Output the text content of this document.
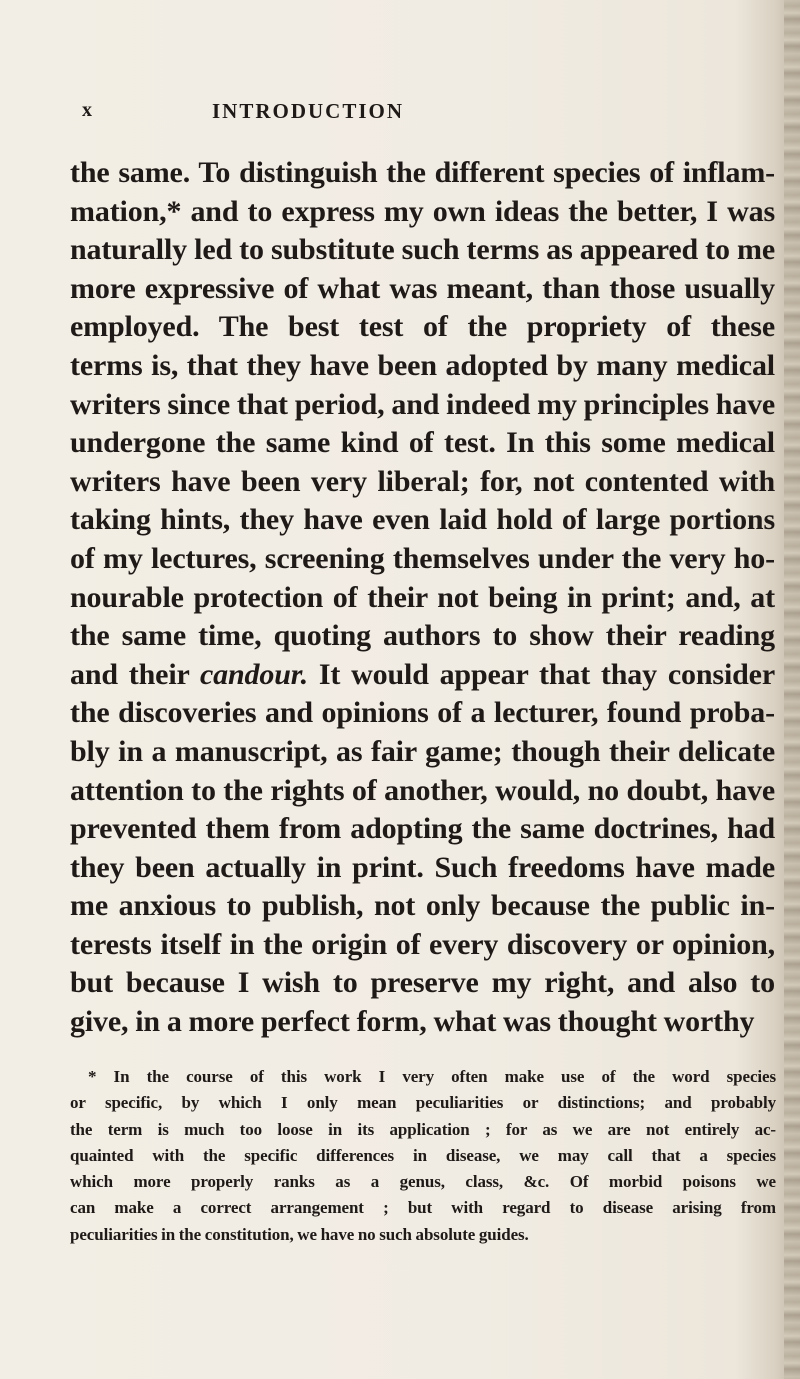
x	INTRODUCTION
the same. To distinguish the different species of inflam-
mation,* and to express my own ideas the better, I was
naturally led to substitute such terms as appeared to me
more expressive of what was meant, than those usually
employed. The best test of the propriety of these
terms is, that they have been adopted by many medical
writers since that period, and indeed my principles have
undergone the same kind of test. In this some medical
writers have been very liberal; for, not contented with
taking hints, they have even laid hold of large portions
of my lectures, screening themselves under the very ho-
nourable protection of their not being in print; and, at
the same time, quoting authors to show their reading
and their candour. It would appear that thay consider
the discoveries and opinions of a lecturer, found proba-
bly in a manuscript, as fair game; though their delicate
attention to the rights of another, would, no doubt, have
prevented them from adopting the same doctrines, had
they been actually in print. Such freedoms have made
me anxious to publish, not only because the public in-
terests itself in the origin of every discovery or opinion,
but because I wish to preserve my right, and also to
give, in a more perfect form, what was thought worthy
* In the course of this work I very often make use of the word species
or specific, by which I only mean peculiarities or distinctions; and probably
the term is much too loose in its application ; for as we are not entirely ac-
quainted with the specific differences in disease, we may call that a species
which more properly ranks as a genus, class, &c. Of morbid poisons we
can make a correct arrangement ; but with regard to disease arising from
peculiarities in the constitution, we have no such absolute guides.
